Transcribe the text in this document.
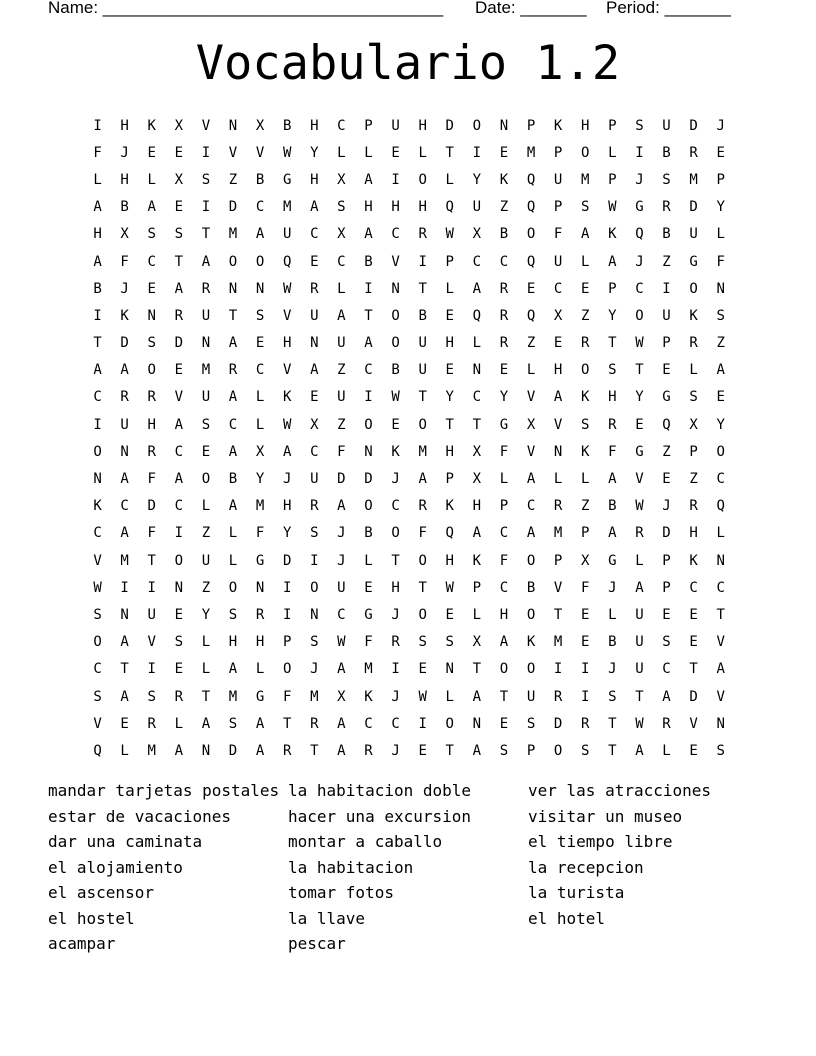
Name: ____________________________________ Date: _______ Period: _______
Vocabulario 1.2
I	H	K	X	V	N	X	B	H	C	P	U	H	D	O	N	P	K	H	P	S	U	D	J
F	J	E	E	I	V	V	W	Y	L	L	E	L	T	I	E	M	P	O	L	I	B	R	E
L	H	L	X	S	Z	B	G	H	X	A	I	O	L	Y	K	Q	U	M	P	J	S	M	P
A	B	A	E	I	D	C	M	A	S	H	H	H	Q	U	Z	Q	P	S	W	G	R	D	Y
H	X	S	S	T	M	A	U	C	X	A	C	R	W	X	B	O	F	A	K	Q	B	U	L
A	F	C	T	A	O	O	Q	E	C	B	V	I	P	C	C	Q	U	L	A	J	Z	G	F
B	J	E	A	R	N	N	W	R	L	I	N	T	L	A	R	E	C	E	P	C	I	O	N
I	K	N	R	U	T	S	V	U	A	T	O	B	E	Q	R	Q	X	Z	Y	O	U	K	S
T	D	S	D	N	A	E	H	N	U	A	O	U	H	L	R	Z	E	R	T	W	P	R	Z
A	A	O	E	M	R	C	V	A	Z	C	B	U	E	N	E	L	H	O	S	T	E	L	A
C	R	R	V	U	A	L	K	E	U	I	W	T	Y	C	Y	V	A	K	H	Y	G	S	E
I	U	H	A	S	C	L	W	X	Z	O	E	O	T	T	G	X	V	S	R	E	Q	X	Y
O	N	R	C	E	A	X	A	C	F	N	K	M	H	X	F	V	N	K	F	G	Z	P	O
N	A	F	A	O	B	Y	J	U	D	D	J	A	P	X	L	A	L	L	A	V	E	Z	C
K	C	D	C	L	A	M	H	R	A	O	C	R	K	H	P	C	R	Z	B	W	J	R	Q
C	A	F	I	Z	L	F	Y	S	J	B	O	F	Q	A	C	A	M	P	A	R	D	H	L
V	M	T	O	U	L	G	D	I	J	L	T	O	H	K	F	O	P	X	G	L	P	K	N
W	I	I	N	Z	O	N	I	O	U	E	H	T	W	P	C	B	V	F	J	A	P	C	C
S	N	U	E	Y	S	R	I	N	C	G	J	O	E	L	H	O	T	E	L	U	E	E	T
O	A	V	S	L	H	H	P	S	W	F	R	S	S	X	A	K	M	E	B	U	S	E	V
C	T	I	E	L	A	L	O	J	A	M	I	E	N	T	O	O	I	I	J	U	C	T	A
S	A	S	R	T	M	G	F	M	X	K	J	W	L	A	T	U	R	I	S	T	A	D	V
V	E	R	L	A	S	A	T	R	A	C	C	I	O	N	E	S	D	R	T	W	R	V	N
Q	L	M	A	N	D	A	R	T	A	R	J	E	T	A	S	P	O	S	T	A	L	E	S
mandar tarjetas postales
estar de vacaciones
dar una caminata
el alojamiento
el ascensor
el hostel
acampar
la habitacion doble
hacer una excursion
montar a caballo
la habitacion
tomar fotos
la llave
pescar
ver las atracciones
visitar un museo
el tiempo libre
la recepcion
la turista
el hotel
